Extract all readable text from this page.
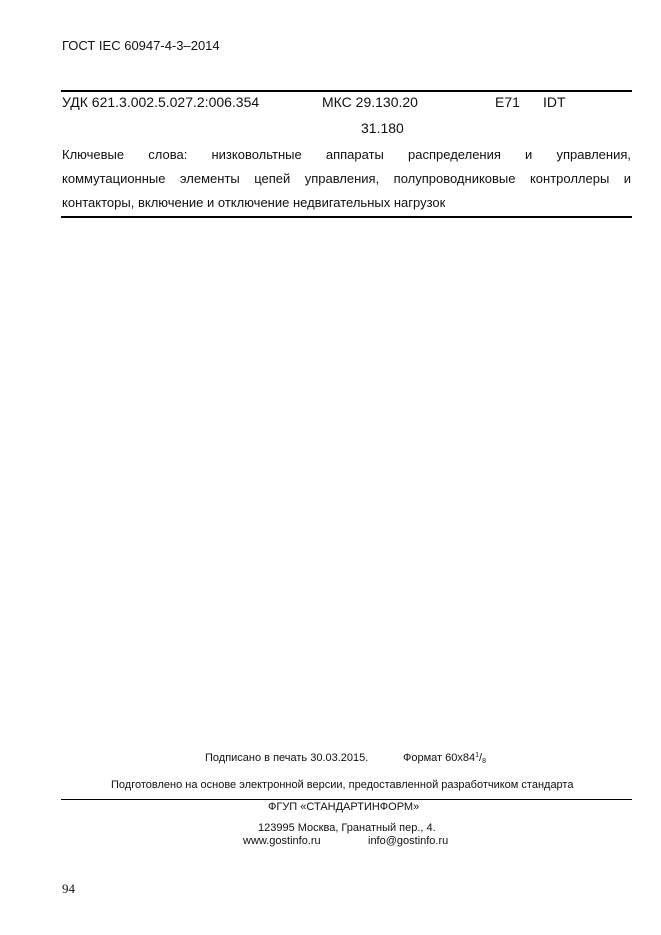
ГОСТ IEC 60947-4-3–2014
УДК 621.3.002.5.027.2:006.354	МКС 29.130.20
31.180
E71 IDT
Ключевые слова: низковольтные аппараты распределения и управления,
коммутационные элементы цепей управления, полупроводниковые контроллеры и
контакторы, включение и отключение недвигательных нагрузок
Подписано в печать 30.03.2015.	Формат $60х84^1/_8$
Подготовлено на основе электронной версии, предоставленной разработчиком стандарта
ФГУП «СТАНДАРТИНФОРМ»
123995 Москва, Гранатный пер., 4.
www.gostinfo.ru	info@gostinfo.ru
94
